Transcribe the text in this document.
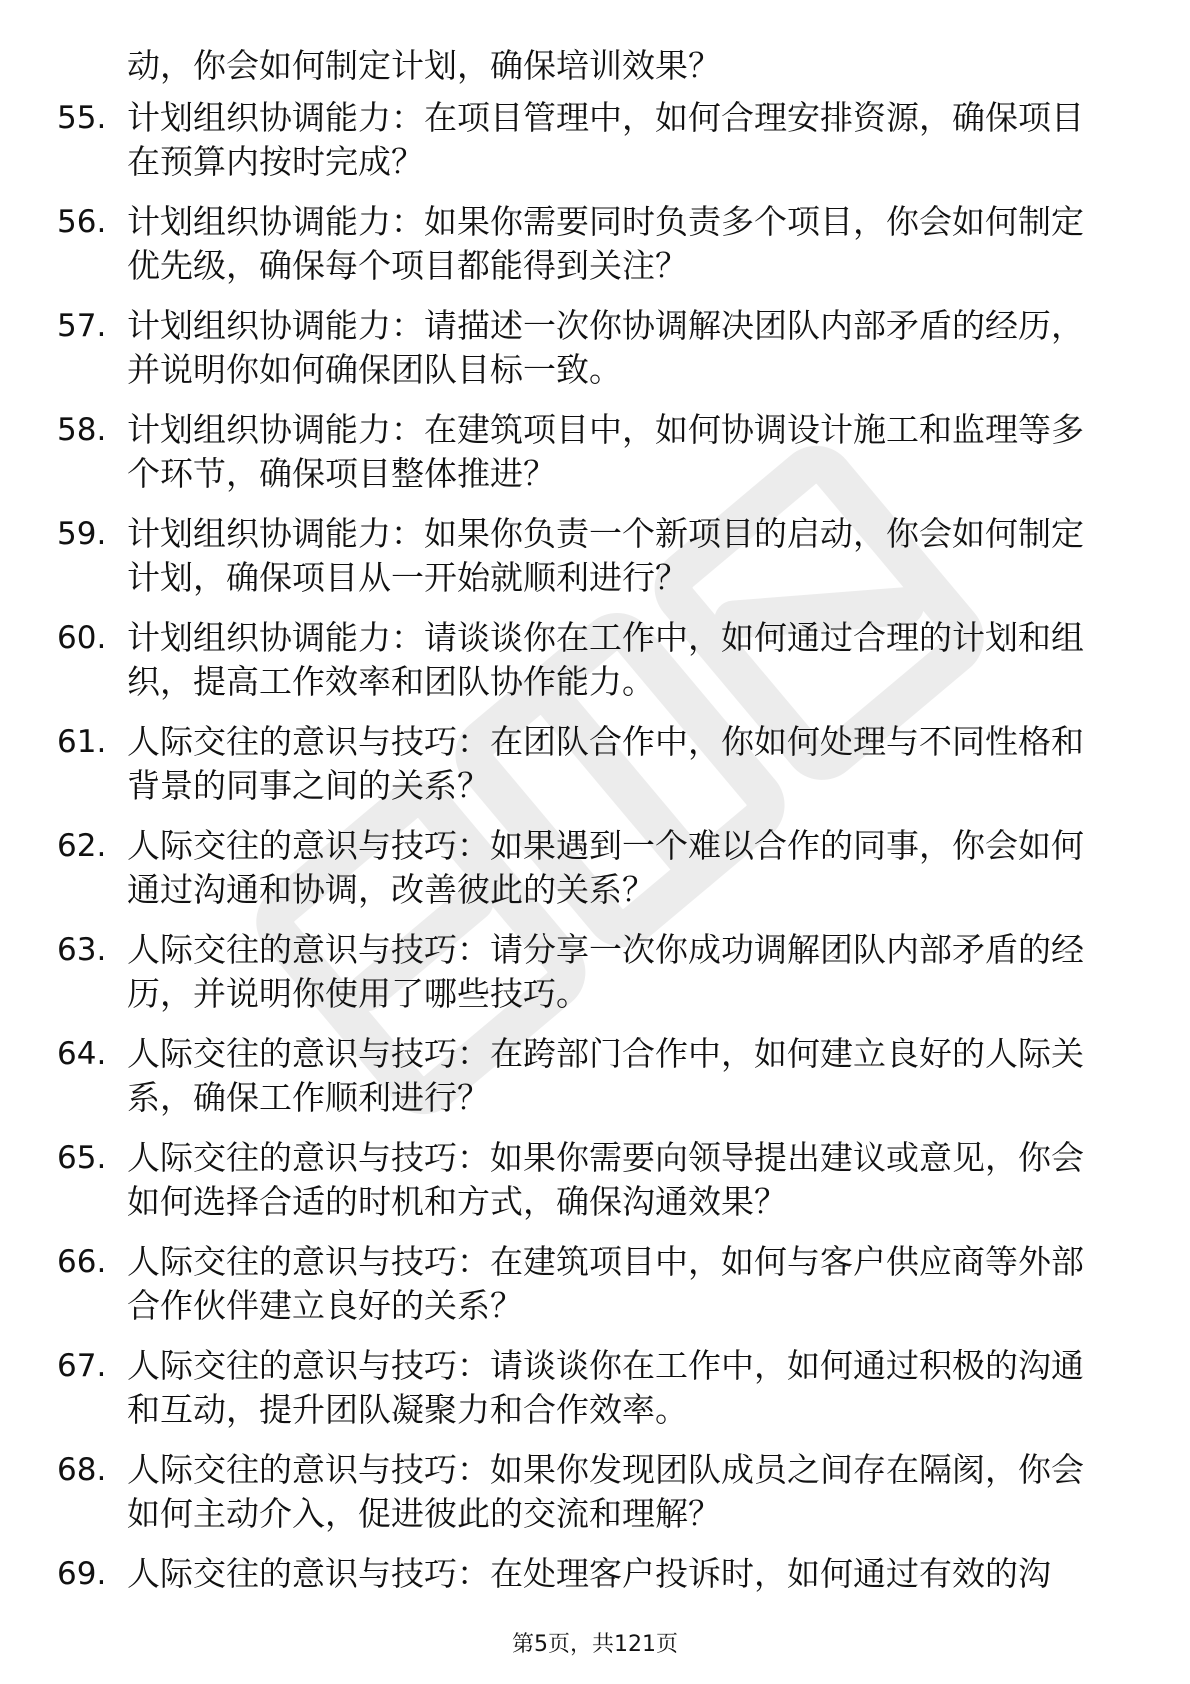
动，你会如何制定计划，确保培训效果？
55. 计划组织协调能力：在项目管理中，如何合理安排资源，确保项目在预算内按时完成？
56. 计划组织协调能力：如果你需要同时负责多个项目，你会如何制定优先级，确保每个项目都能得到关注？
57. 计划组织协调能力：请描述一次你协调解决团队内部矛盾的经历，并说明你如何确保团队目标一致。
58. 计划组织协调能力：在建筑项目中，如何协调设计施工和监理等多个环节，确保项目整体推进？
59. 计划组织协调能力：如果你负责一个新项目的启动，你会如何制定计划，确保项目从一开始就顺利进行？
60. 计划组织协调能力：请谈谈你在工作中，如何通过合理的计划和组织，提高工作效率和团队协作能力。
61. 人际交往的意识与技巧：在团队合作中，你如何处理与不同性格和背景的同事之间的关系？
62. 人际交往的意识与技巧：如果遇到一个难以合作的同事，你会如何通过沟通和协调，改善彼此的关系？
63. 人际交往的意识与技巧：请分享一次你成功调解团队内部矛盾的经历，并说明你使用了哪些技巧。
64. 人际交往的意识与技巧：在跨部门合作中，如何建立良好的人际关系，确保工作顺利进行？
65. 人际交往的意识与技巧：如果你需要向领导提出建议或意见，你会如何选择合适的时机和方式，确保沟通效果？
66. 人际交往的意识与技巧：在建筑项目中，如何与客户供应商等外部合作伙伴建立良好的关系？
67. 人际交往的意识与技巧：请谈谈你在工作中，如何通过积极的沟通和互动，提升团队凝聚力和合作效率。
68. 人际交往的意识与技巧：如果你发现团队成员之间存在隔阂，你会如何主动介入，促进彼此的交流和理解？
69. 人际交往的意识与技巧：在处理客户投诉时，如何通过有效的沟
第5页，共121页
